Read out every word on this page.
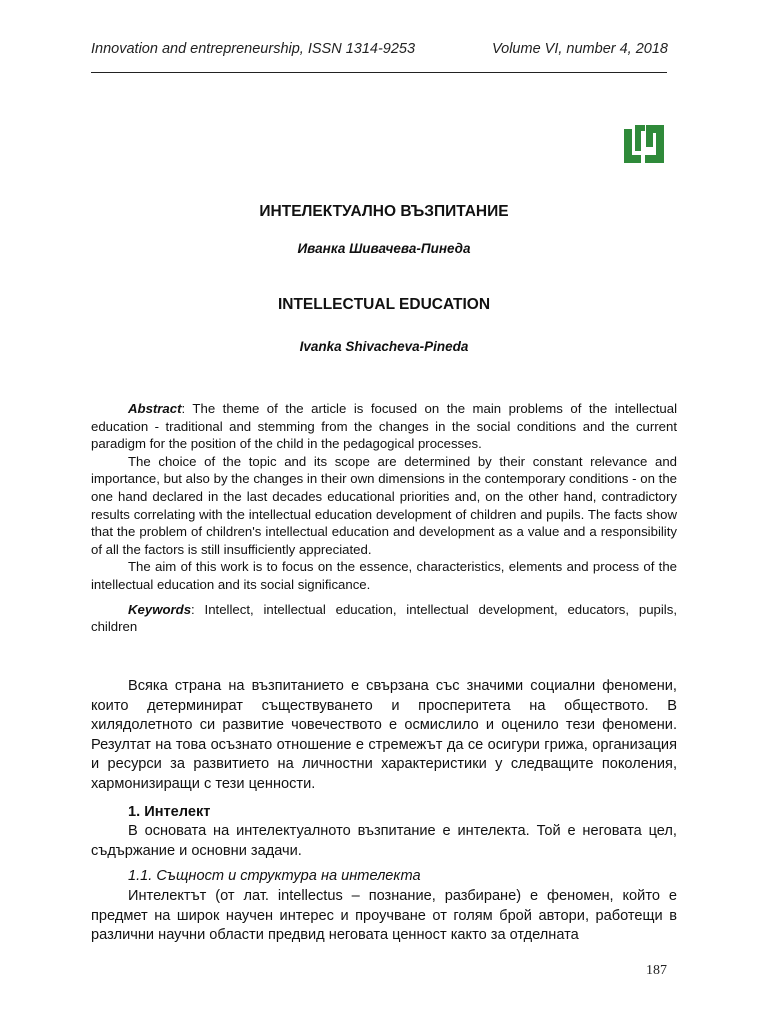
Innovation and entrepreneurship, ISSN 1314-9253	Volume VI, number 4, 2018
ИНТЕЛЕКТУАЛНО ВЪЗПИТАНИЕ
Иванка Шивачева-Пинеда
INTELLECTUAL EDUCATION
Ivanka Shivacheva-Pineda

Abstract: The theme of the article is focused on the main problems of the intellectual education - traditional and stemming from the changes in the social conditions and the current paradigm for the position of the child in the pedagogical processes.

The choice of the topic and its scope are determined by their constant relevance and importance, but also by the changes in their own dimensions in the contemporary conditions - on the one hand declared in the last decades educational priorities and, on the other hand, contradictory results correlating with the intellectual education development of children and pupils. The facts show that the problem of children's intellectual education and development as a value and a responsibility of all the factors is still insufficiently appreciated.

The aim of this work is to focus on the essence, characteristics, elements and process of the intellectual education and its social significance.

Keywords: Intellect, intellectual education, intellectual development, educators, pupils, children

Всяка страна на възпитанието е свързана със значими социални феномени, които детерминират съществуването и просперитета на обществото. В хилядолетното си развитие човечеството е осмислило и оценило тези феномени. Резултат на това осъзнато отношение е стремежът да се осигури грижа, организация и ресурси за развитието на личностни характеристики у следващите поколения, хармонизиращи с тези ценности.

1. Интелект

В основата на интелектуалното възпитание е интелекта. Той е неговата цел, съдържание и основни задачи.

1.1. Същност и структура на интелекта

Интелектът (от лат. intellectus – познание, разбиране) е феномен, който е предмет на широк научен интерес и проучване от голям брой автори, работещи в различни научни области предвид неговата ценност както за отделната

187
